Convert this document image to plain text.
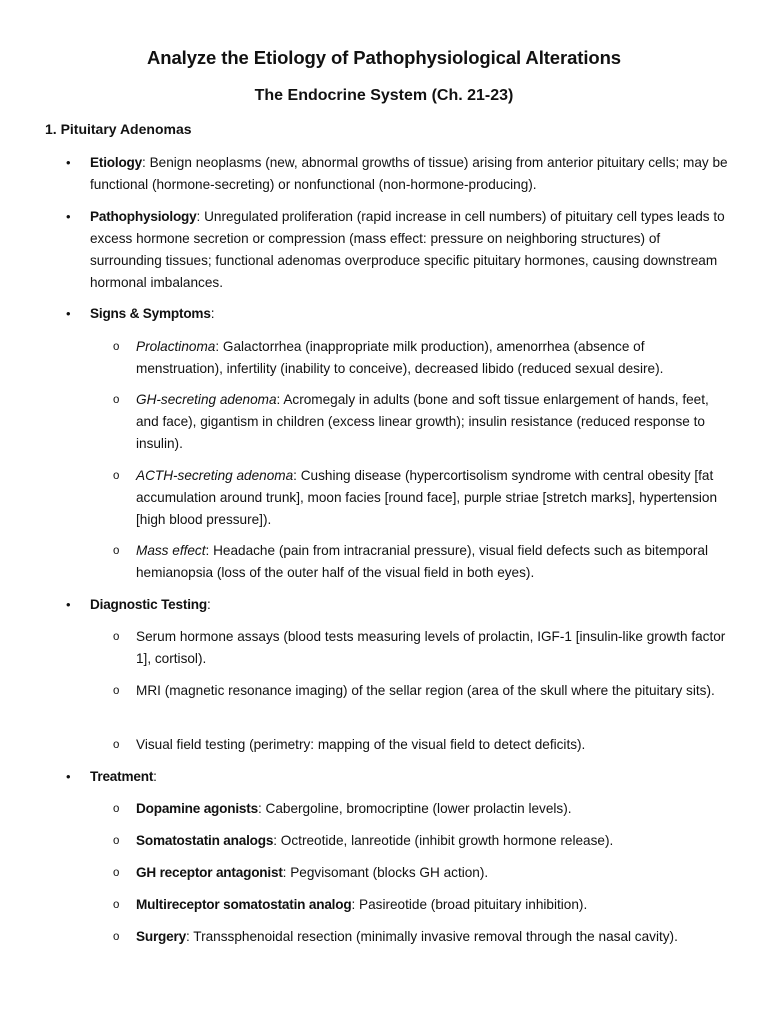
Analyze the Etiology of Pathophysiological Alterations
The Endocrine System (Ch. 21-23)
1. Pituitary Adenomas
• Etiology: Benign neoplasms (new, abnormal growths of tissue) arising from anterior pituitary cells; may be functional (hormone-secreting) or nonfunctional (non-hormone-producing).
• Pathophysiology: Unregulated proliferation (rapid increase in cell numbers) of pituitary cell types leads to excess hormone secretion or compression (mass effect: pressure on neighboring structures) of surrounding tissues; functional adenomas overproduce specific pituitary hormones, causing downstream hormonal imbalances.
• Signs & Symptoms:
o Prolactinoma: Galactorrhea (inappropriate milk production), amenorrhea (absence of menstruation), infertility (inability to conceive), decreased libido (reduced sexual desire).
o GH-secreting adenoma: Acromegaly in adults (bone and soft tissue enlargement of hands, feet, and face), gigantism in children (excess linear growth); insulin resistance (reduced response to insulin).
o ACTH-secreting adenoma: Cushing disease (hypercortisolism syndrome with central obesity [fat accumulation around trunk], moon facies [round face], purple striae [stretch marks], hypertension [high blood pressure]).
o Mass effect: Headache (pain from intracranial pressure), visual field defects such as bitemporal hemianopsia (loss of the outer half of the visual field in both eyes).
• Diagnostic Testing:
o Serum hormone assays (blood tests measuring levels of prolactin, IGF-1 [insulin-like growth factor 1], cortisol).
o MRI (magnetic resonance imaging) of the sellar region (area of the skull where the pituitary sits).
o Visual field testing (perimetry: mapping of the visual field to detect deficits).
• Treatment:
o Dopamine agonists: Cabergoline, bromocriptine (lower prolactin levels).
o Somatostatin analogs: Octreotide, lanreotide (inhibit growth hormone release).
o GH receptor antagonist: Pegvisomant (blocks GH action).
o Multireceptor somatostatin analog: Pasireotide (broad pituitary inhibition).
o Surgery: Transsphenoidal resection (minimally invasive removal through the nasal cavity).
